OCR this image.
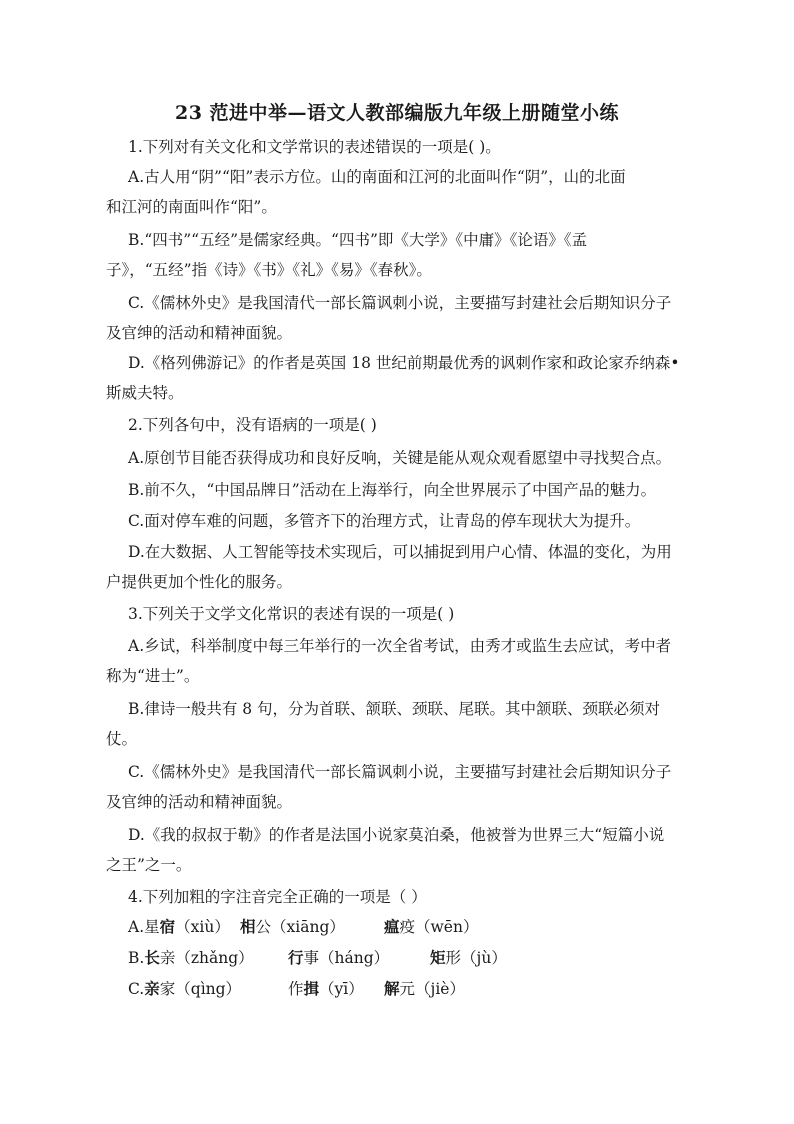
23 范进中举—语文人教部编版九年级上册随堂小练
1.下列对有关文化和文学常识的表述错误的一项是( )。
A.古人用“阴”“阳”表示方位。山的南面和江河的北面叫作“阴”，山的北面
和江河的南面叫作“阳”。
B.“四书”“五经”是儒家经典。“四书”即《大学》《中庸》《论语》《孟
子》，“五经”指《诗》《书》《礼》《易》《春秋》。
C.《儒林外史》是我国清代一部长篇讽刺小说，主要描写封建社会后期知识分子
及官绅的活动和精神面貌。
D.《格列佛游记》的作者是英国 18 世纪前期最优秀的讽刺作家和政论家乔纳森•
斯威夫特。
2.下列各句中，没有语病的一项是( )
A.原创节目能否获得成功和良好反响，关键是能从观众观看愿望中寻找契合点。
B.前不久，“中国品牌日”活动在上海举行，向全世界展示了中国产品的魅力。
C.面对停车难的问题，多管齐下的治理方式，让青岛的停车现状大为提升。
D.在大数据、人工智能等技术实现后，可以捕捉到用户心情、体温的变化，为用
户提供更加个性化的服务。
3.下列关于文学文化常识的表述有误的一项是( )
A.乡试，科举制度中每三年举行的一次全省考试，由秀才或监生去应试，考中者
称为“进士”。
B.律诗一般共有 8 句，分为首联、颔联、颈联、尾联。其中颔联、颈联必须对
仗。
C.《儒林外史》是我国清代一部长篇讽刺小说，主要描写封建社会后期知识分子
及官绅的活动和精神面貌。
D.《我的叔叔于勒》的作者是法国小说家莫泊桑，他被誉为世界三大“短篇小说
之王”之一。
4.下列加粗的字注音完全正确的一项是（ ）
A.星宿（xiù） 相公（xiāng）	瘟疫（wēn）
B.长亲（zhǎng） 行事（háng）	矩形（jù）
C.亲家（qìng）	作揖（yī） 解元（jiè）
